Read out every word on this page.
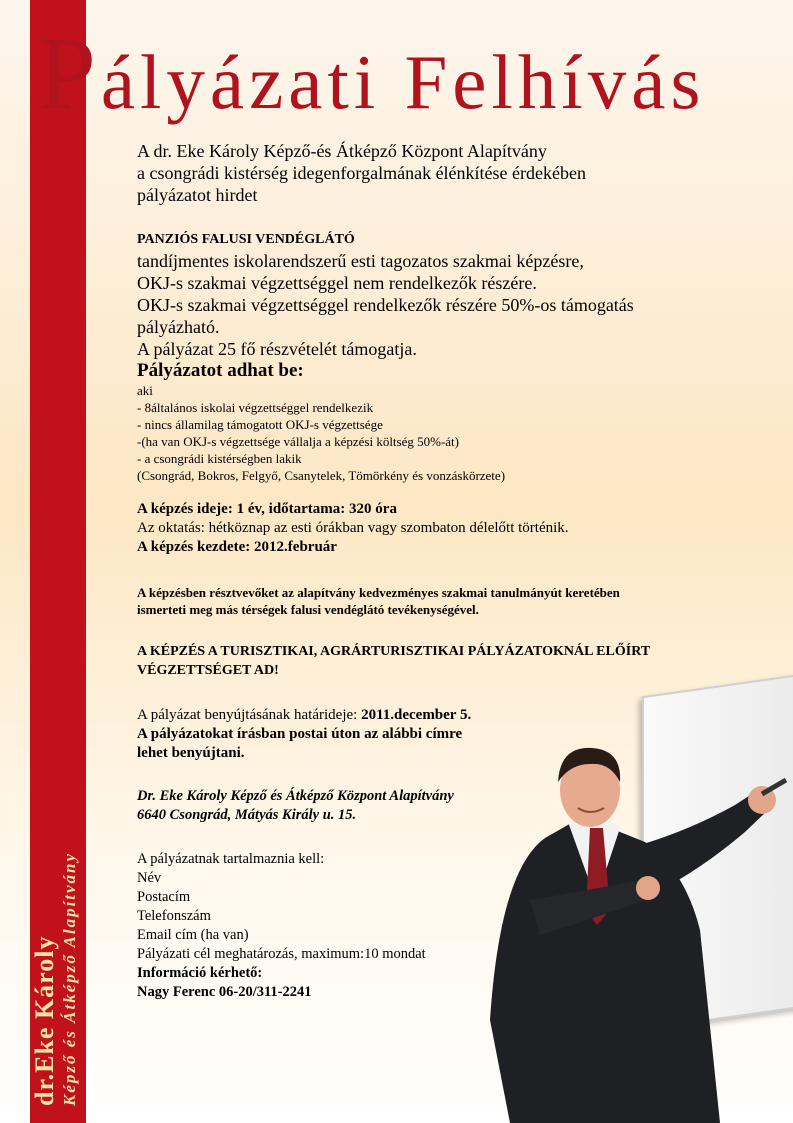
dr.Eke Károly Képző és Átképző Alapítvány
Pályázati Felhívás
A dr. Eke Károly Képző-és Átképző Központ Alapítvány
a csongrádi kistérség idegenforgalmának élénkítése érdekében
pályázatot hirdet
PANZIÓS FALUSI VENDÉGLÁTÓ
tandíjmentes iskolarendszerű esti tagozatos szakmai képzésre,
OKJ-s szakmai végzettséggel nem rendelkezők részére.
OKJ-s szakmai végzettséggel rendelkezők részére 50%-os támogatás
pályázható.
A pályázat 25 fő részvételét támogatja.
Pályázatot adhat be:
aki
- 8általános iskolai végzettséggel rendelkezik
- nincs államilag támogatott OKJ-s végzettsége
-(ha van OKJ-s végzettsége vállalja a képzési költség 50%-át)
- a csongrádi kistérségben lakik
(Csongrád, Bokros, Felgyő, Csanytelek, Tömörkény és vonzáskörzete)
A képzés ideje: 1 év, időtartama: 320 óra
Az oktatás: hétköznap az esti órákban vagy szombaton délelőtt történik.
A képzés kezdete: 2012.február
A képzésben résztvevőket az alapítvány kedvezményes szakmai tanulmányút keretében
ismerteti meg más térségek falusi vendéglátó tevékenységével.
A KÉPZÉS A TURISZTIKAI, AGRÁRTURISZTIKAI PÁLYÁZATOKNÁL ELŐÍRT
VÉGZETTSÉGET AD!
A pályázat benyújtásának határideje: 2011.december 5.
A pályázatokat írásban postai úton az alábbi címre
lehet benyújtani.
Dr. Eke Károly Képző és Átképző Központ Alapítvány
6640 Csongrád, Mátyás Király u. 15.
A pályázatnak tartalmaznia kell:
Név
Postacím
Telefonszám
Email cím (ha van)
Pályázati cél meghatározás, maximum:10 mondat
Információ kérhető:
Nagy Ferenc 06-20/311-2241
